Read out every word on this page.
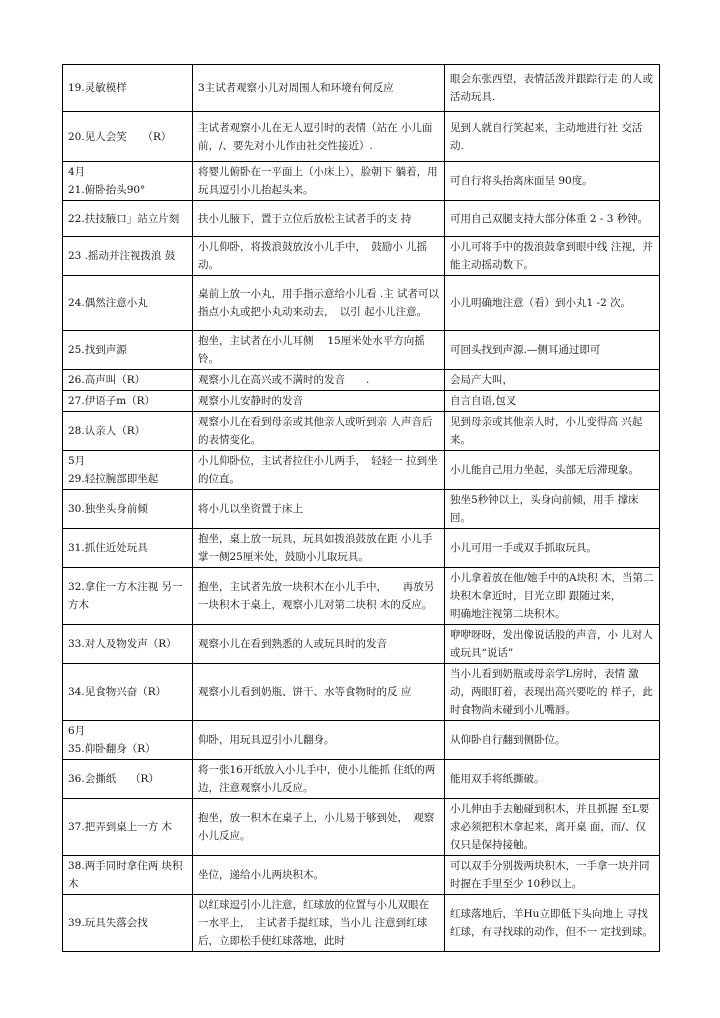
19.灵敏模样	3主试者观察小儿对周围人和环境有何反应	眼会东张西望，表情活泼并跟踪行走 的人或活动玩具.
20.见人会笑　　（R）	主试者观察小儿在无人逗引时的表情（站在 小儿面前，/、要先对小儿作由社交性接近）.	见到人就自行笑起来，主动地进行社 交活动.

4月
21.俯卧抬头90°	将婴儿俯卧在一平面上（小床上），脸朝下 躺着，用玩具逗引小儿抬起头来。	可自行将头抬离床面呈 90度。
22.扶技腋口」站立片刻	扶小儿腋下，置于立位后放松主试者手的支 持	可用自己双腿支持大部分体重 2 - 3 秒钟。
23 .摇动并注视拨浪 鼓	小儿仰卧，将拨浪鼓放汝小儿手中，　鼓励小 儿摇动。	小儿可将手中的拨浪鼓拿到眼中线 注视，并能主动摇动数下。
24.偶然注意小丸	桌前上放一小丸，用手指示意给小儿看 .主 试者可以指点小丸或把小丸动来动去，　以引 起小儿注意。	小儿明确地注意（看）到小丸1 -2 次。
25.找到声源	抱坐，主试者在小儿耳侧　 15厘米处水平方向摇铃。	可回头找到声源.—侧耳通过即可
26.高声叫（R）	观察小儿在高兴或不满时的发音　　.	会局产大叫，
27.伊语子m（R）	观察小儿安静时的发音	自言自语,包叉
28.认亲人（R）	观察小儿在看到母亲或其他亲人或听到亲 人声音后的表情变化。	见到母亲或其他亲人时，小儿变得高 兴起来。

5月
29.轻拉腕部即坐起	小儿仰卧位，主试者拉住小儿两手，　轻轻一 拉到坐的位直。	小儿能自己用力坐起，头部无后滞现象。
30.独坐头身前倾	将小儿以坐资置于床上	独坐5秒钟以上，头身向前倾，用手 撑床回。
31.抓住近处玩具	抱坐，桌上放一玩具，玩具如拨浪鼓放在距 小儿手掌一侧25厘米处，鼓励小儿取玩具。	小儿可用一手或双手抓取玩具。
32.拿住一方木注视 另一方木	抱坐，主试者先放一块积木在小儿手中，　　再放另一块积木于桌上，观察小儿对第二块积 木的反应。	小儿拿着放在他/她手中的A块积 木，当第二块积木拿近时，目光立即 跟随过来，　　　明确地注视第二块积木。
33.对人及物发声（R）	观察小儿在看到熟悉的人或玩具时的发音	咿咿呀呀，发出像说话股的声音，小 儿对人或玩具“说话”
34.见食物兴奋（R）	观察小儿看到奶瓶、饼干、水等食物时的反 应	当小儿看到奶瓶或母亲学L房时，表情 激动，两眼盯着，表现出高兴要吃的 样子，此时食物尚未碰到小儿嘴唇。

6月
35.仰卧翻身（R）	仰卧，用玩具逗引小儿翻身。	从仰卧自行翻到侧卧位。
36.会撕纸　 （R）	将一张16开纸放入小儿手中，使小儿能抓 住纸的两边，注意观察小儿反应。	能用双手将纸撕破。
37.把弄到桌上一方 木	抱坐，放一积木在桌子上，小儿易于够到处，　观察小儿反应。	小儿伸由手去触碰到积木，并且抓握 至L要求必须把积木拿起来，离开桌 面，而/、仅仅只是保持接触。
38.两手同时拿住两 块积木	坐位，递给小儿两块积木。	可以双手分别拨两块积木，一手拿一块并同时握在手里至少 10秒以上。
39.玩具失落会找	以红球逗引小儿注意，红球放的位置与小儿双眼在一水平上，　主试者手提红球，当小儿 注意到红球后，立即松手使红球落地，此时	红球落地后，羊Hu立即低下头向地上 寻找红球，有寻找球的动作，但不一 定找到球。
